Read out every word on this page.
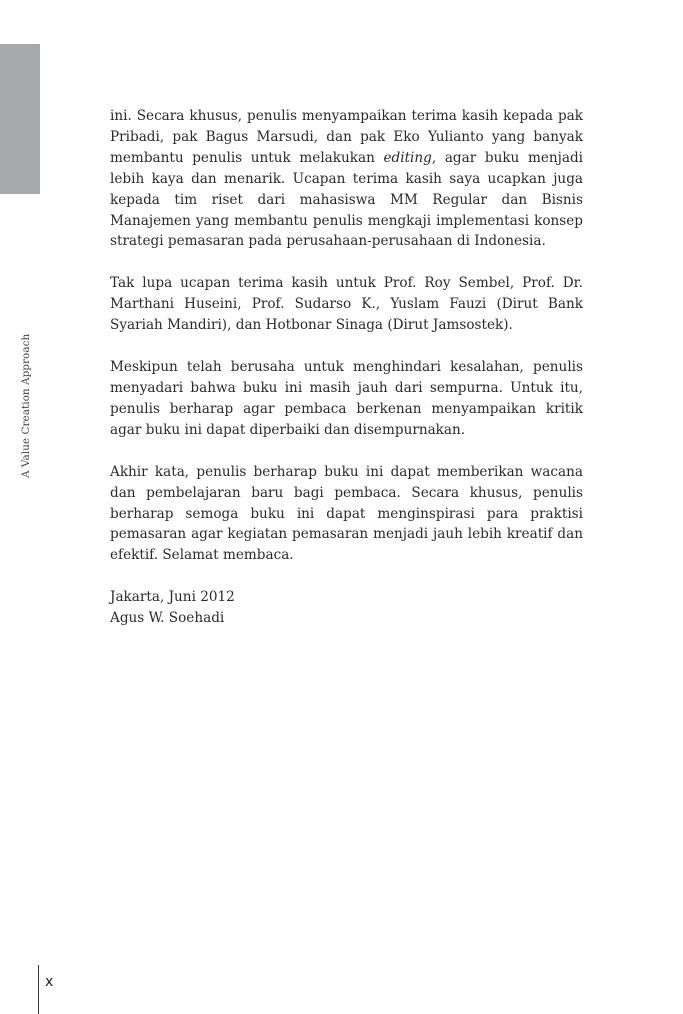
A Value Creation Approach

ini. Secara khusus, penulis menyampaikan terima kasih kepada pak Pribadi, pak Bagus Marsudi, dan pak Eko Yulianto yang banyak membantu penulis untuk melakukan editing, agar buku menjadi lebih kaya dan menarik. Ucapan terima kasih saya ucapkan juga kepada tim riset dari mahasiswa MM Regular dan Bisnis Manajemen yang membantu penulis mengkaji implementasi konsep strategi pemasaran pada perusahaan-perusahaan di Indonesia.

Tak lupa ucapan terima kasih untuk Prof. Roy Sembel, Prof. Dr. Marthani Huseini, Prof. Sudarso K., Yuslam Fauzi (Dirut Bank Syariah Mandiri), dan Hotbonar Sinaga (Dirut Jamsostek).

Meskipun telah berusaha untuk menghindari kesalahan, penulis menyadari bahwa buku ini masih jauh dari sempurna. Untuk itu, penulis berharap agar pembaca berkenan menyampaikan kritik agar buku ini dapat diperbaiki dan disempurnakan.

Akhir kata, penulis berharap buku ini dapat memberikan wacana dan pembelajaran baru bagi pembaca. Secara khusus, penulis berharap semoga buku ini dapat menginspirasi para praktisi pemasaran agar kegiatan pemasaran menjadi jauh lebih kreatif dan efektif. Selamat membaca.

Jakarta, Juni 2012
Agus W. Soehadi
x
